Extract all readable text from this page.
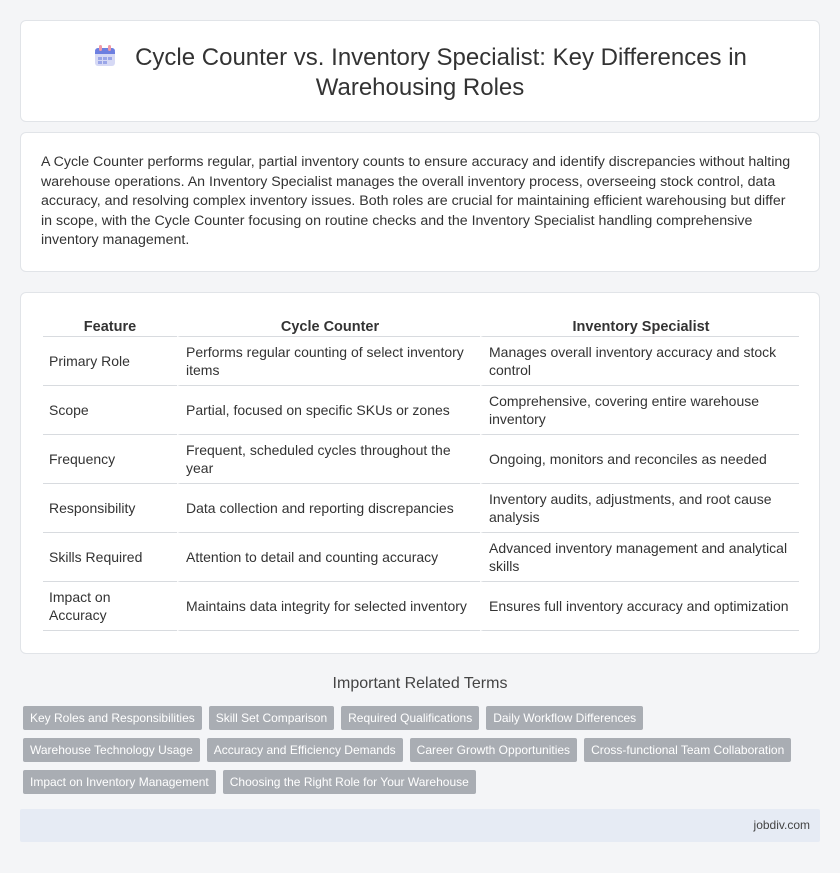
Cycle Counter vs. Inventory Specialist: Key Differences in
Warehousing Roles

A Cycle Counter performs regular, partial inventory counts to ensure accuracy and identify discrepancies without halting warehouse operations. An Inventory Specialist manages the overall inventory process, overseeing stock control, data accuracy, and resolving complex inventory issues. Both roles are crucial for maintaining efficient warehousing but differ in scope, with the Cycle Counter focusing on routine checks and the Inventory Specialist handling comprehensive inventory management.

Feature	Cycle Counter	Inventory Specialist
Primary Role	Performs regular counting of select inventory items	Manages overall inventory accuracy and stock control
Scope	Partial, focused on specific SKUs or zones	Comprehensive, covering entire warehouse inventory
Frequency	Frequent, scheduled cycles throughout the year	Ongoing, monitors and reconciles as needed
Responsibility	Data collection and reporting discrepancies	Inventory audits, adjustments, and root cause analysis
Skills Required	Attention to detail and counting accuracy	Advanced inventory management and analytical skills
Impact on Accuracy	Maintains data integrity for selected inventory	Ensures full inventory accuracy and optimization
Important Related Terms
Key Roles and Responsibilities	Skill Set Comparison	Required Qualifications	Daily Workflow Differences
Warehouse Technology Usage	Accuracy and Efficiency Demands	Career Growth Opportunities	Cross-functional Team Collaboration
Impact on Inventory Management	Choosing the Right Role for Your Warehouse
jobdiv.com
